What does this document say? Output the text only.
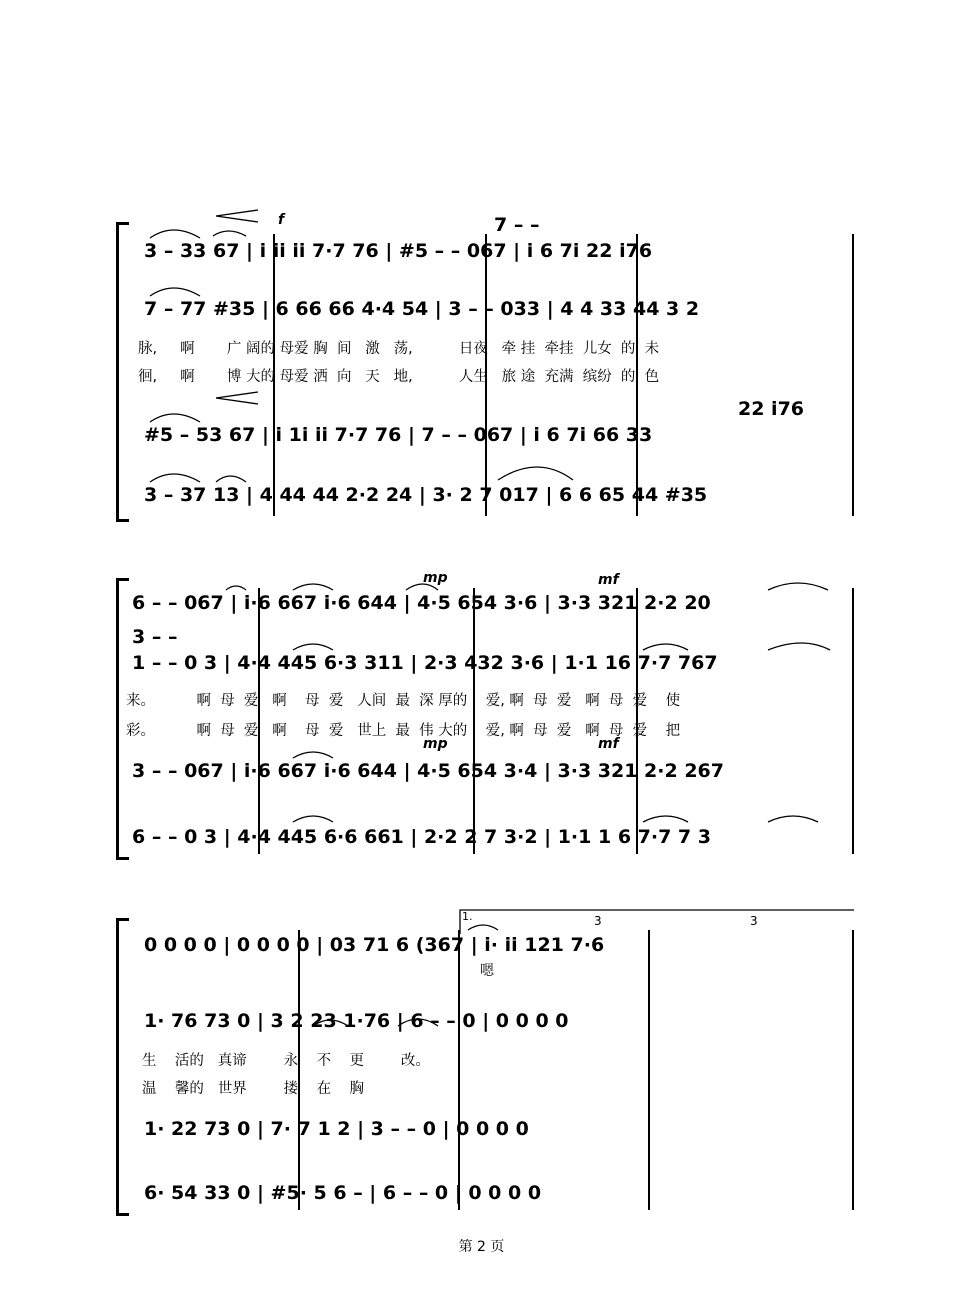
f	7 – –
22 i76
3 – 33 67 | i ii ii 7·7 76 | #5 – – 067 | i 6 7i 22 i76
7 – 77 #35 | 6 66 66 4·4 54 | 3 – – 033 | 4 4 33 44 3 2
脉,     啊       广 阔的 母爱 胸  间   激   荡,          日夜   牵 挂  牵挂  儿女  的  未
徊,     啊       博 大的 母爱 洒  向   天   地,          人生   旅 途  充满  缤纷  的  色
#5 – 53 67 | i 1i ii 7·7 76 | 7 – – 067 | i 6 7i 66 33
3 – 37 13 | 4 44 44 2·2 24 | 3· 2 7 017 | 6 6 65 44 #35
mp	mf
mp	mf
6 – – 067 | i·6 667 i·6 644 | 4·5 654 3·6 | 3·3 321 2·2 20
3 – –
1 – – 0 3 | 4·4 445 6·3 311 | 2·3 432 3·6 | 1·1 16 7·7 767
来。         啊  母  爱   啊    母  爱   人间  最  深 厚的    爱, 啊  母  爱   啊  母  爱    使
彩。         啊  母  爱   啊    母  爱   世上  最  伟 大的    爱, 啊  母  爱   啊  母  爱    把
3 – – 067 | i·6 667 i·6 644 | 4·5 654 3·4 | 3·3 321 2·2 267
6 – – 0 3 | 4·4 445 6·6 661 | 2·2 2 7 3·2 | 1·1 1 6 7·7 7 3
1.	3	3
0 0 0 0 | 0 0 0 0 | 03 71 6 (367 | i· ii 121 7·6
嗯
1· 76 73 0 | 3 2 23 1·76 | 6 – – 0 | 0 0 0 0
生    活的   真谛        永    不    更        改。
温    馨的   世界        搂    在    胸
1· 22 73 0 | 7· 7 1 2 | 3 – – 0 | 0 0 0 0
6· 54 33 0 | #5· 5 6 – | 6 – – 0 | 0 0 0 0
第 2 页
